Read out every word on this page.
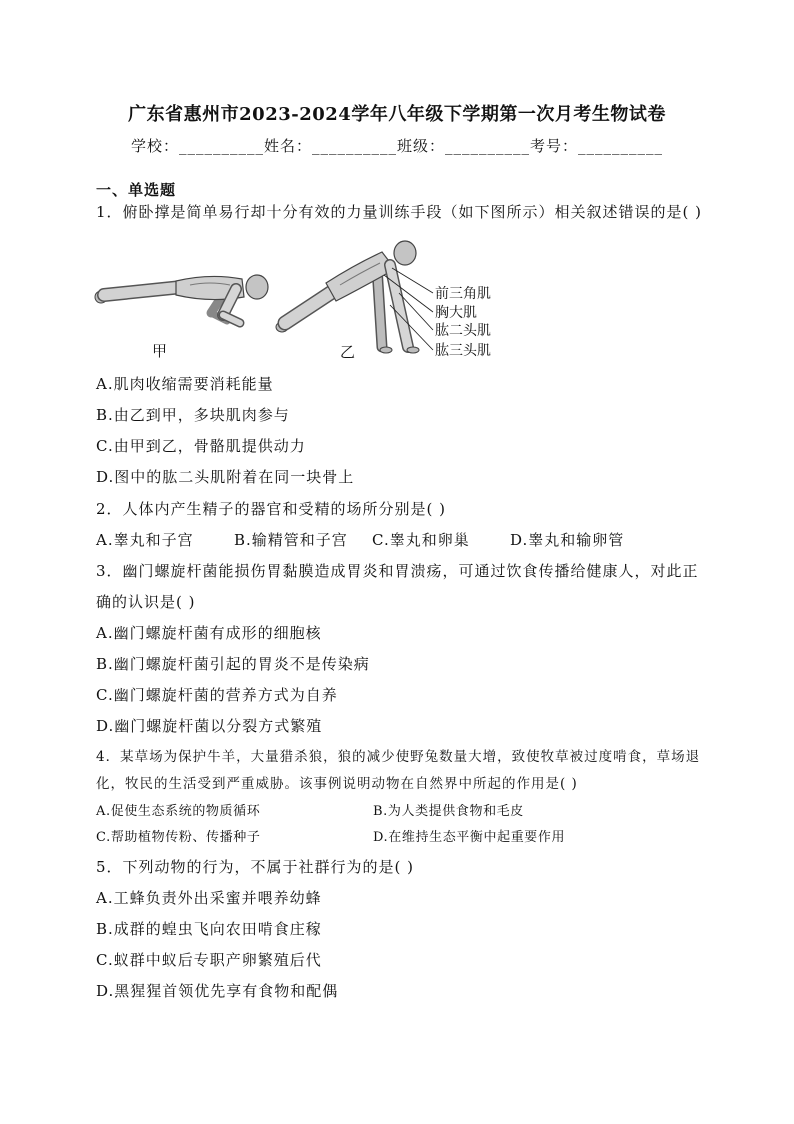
广东省惠州市2023-2024学年八年级下学期第一次月考生物试卷
学校：__________姓名：__________班级：__________考号：__________
一、单选题
1．俯卧撑是简单易行却十分有效的力量训练手段（如下图所示）相关叙述错误的是( )
甲	乙
前三角肌
胸大肌
肱二头肌
肱三头肌
A.肌肉收缩需要消耗能量
B.由乙到甲，多块肌肉参与
C.由甲到乙，骨骼肌提供动力
D.图中的肱二头肌附着在同一块骨上
2．人体内产生精子的器官和受精的场所分别是( )
A.睾丸和子宫	B.输精管和子宫	C.睾丸和卵巢	D.睾丸和输卵管
3．幽门螺旋杆菌能损伤胃黏膜造成胃炎和胃溃疡，可通过饮食传播给健康人，对此正确的认识是( )
A.幽门螺旋杆菌有成形的细胞核
B.幽门螺旋杆菌引起的胃炎不是传染病
C.幽门螺旋杆菌的营养方式为自养
D.幽门螺旋杆菌以分裂方式繁殖
4．某草场为保护牛羊，大量猎杀狼，狼的减少使野兔数量大增，致使牧草被过度啃食，草场退化，牧民的生活受到严重威胁。该事例说明动物在自然界中所起的作用是( )
A.促使生态系统的物质循环	B.为人类提供食物和毛皮
C.帮助植物传粉、传播种子	D.在维持生态平衡中起重要作用
5．下列动物的行为，不属于社群行为的是( )
A.工蜂负责外出采蜜并喂养幼蜂
B.成群的蝗虫飞向农田啃食庄稼
C.蚁群中蚁后专职产卵繁殖后代
D.黑猩猩首领优先享有食物和配偶
